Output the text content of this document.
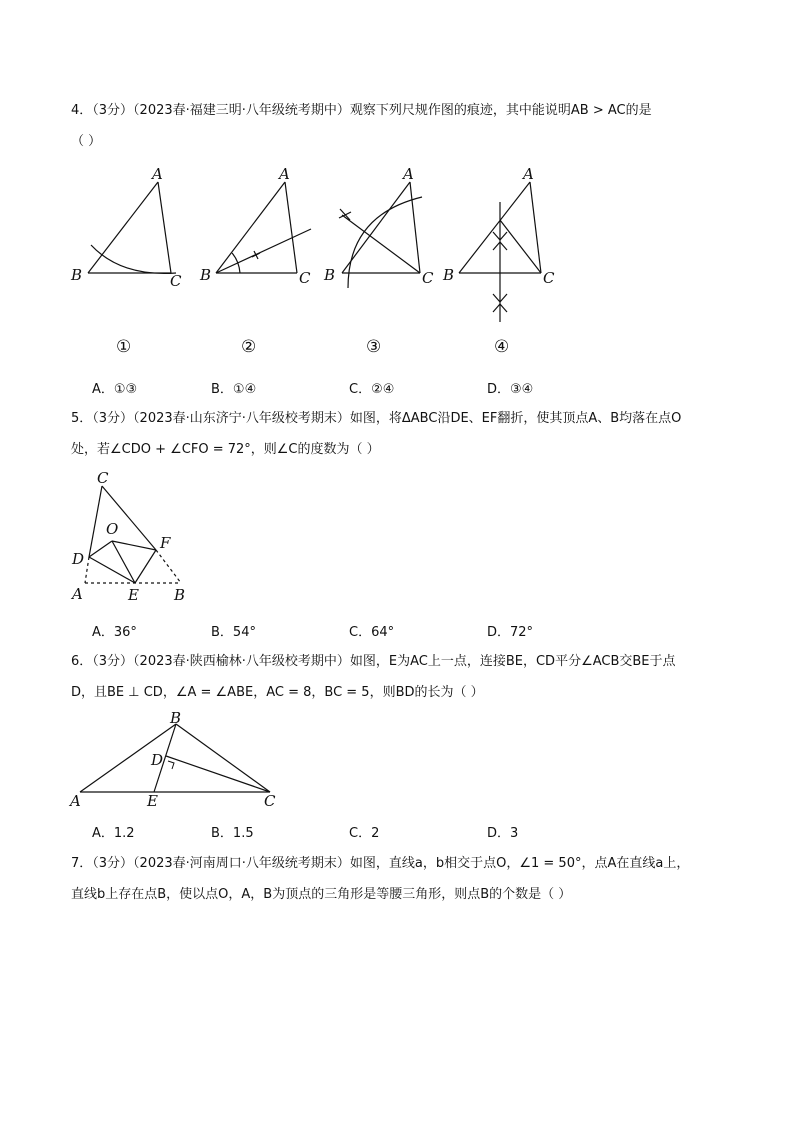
4．（3分）（2023春·福建三明·八年级统考期中）观察下列尺规作图的痕迹，其中能说明AB > AC的是
（ ）
A
B	C
A
B	C
A
B	C
A
B	C
①	②	③	④
A．①③	B．①④	C．②④	D．③④
5．（3分）（2023春·山东济宁·八年级校考期末）如图，将ΔABC沿DE、EF翻折，使其顶点A、B均落在点O
处，若∠CDO + ∠CFO = 72°，则∠C的度数为（ ）
C
O
D
F
A	E B
A．36°	B．54°	C．64°	D．72°
6．（3分）（2023春·陕西榆林·八年级校考期中）如图，E为AC上一点，连接BE，CD平分∠ACB交BE于点
D，且BE ⊥ CD，∠A = ∠ABE，AC = 8，BC = 5，则BD的长为（ ）
B
D
A	E	C
A．1.2	B．1.5	C．2	D．3
7．（3分）（2023春·河南周口·八年级统考期末）如图，直线a，b相交于点O，∠1 = 50°，点A在直线a上，
直线b上存在点B，使以点O，A，B为顶点的三角形是等腰三角形，则点B的个数是（ ）
